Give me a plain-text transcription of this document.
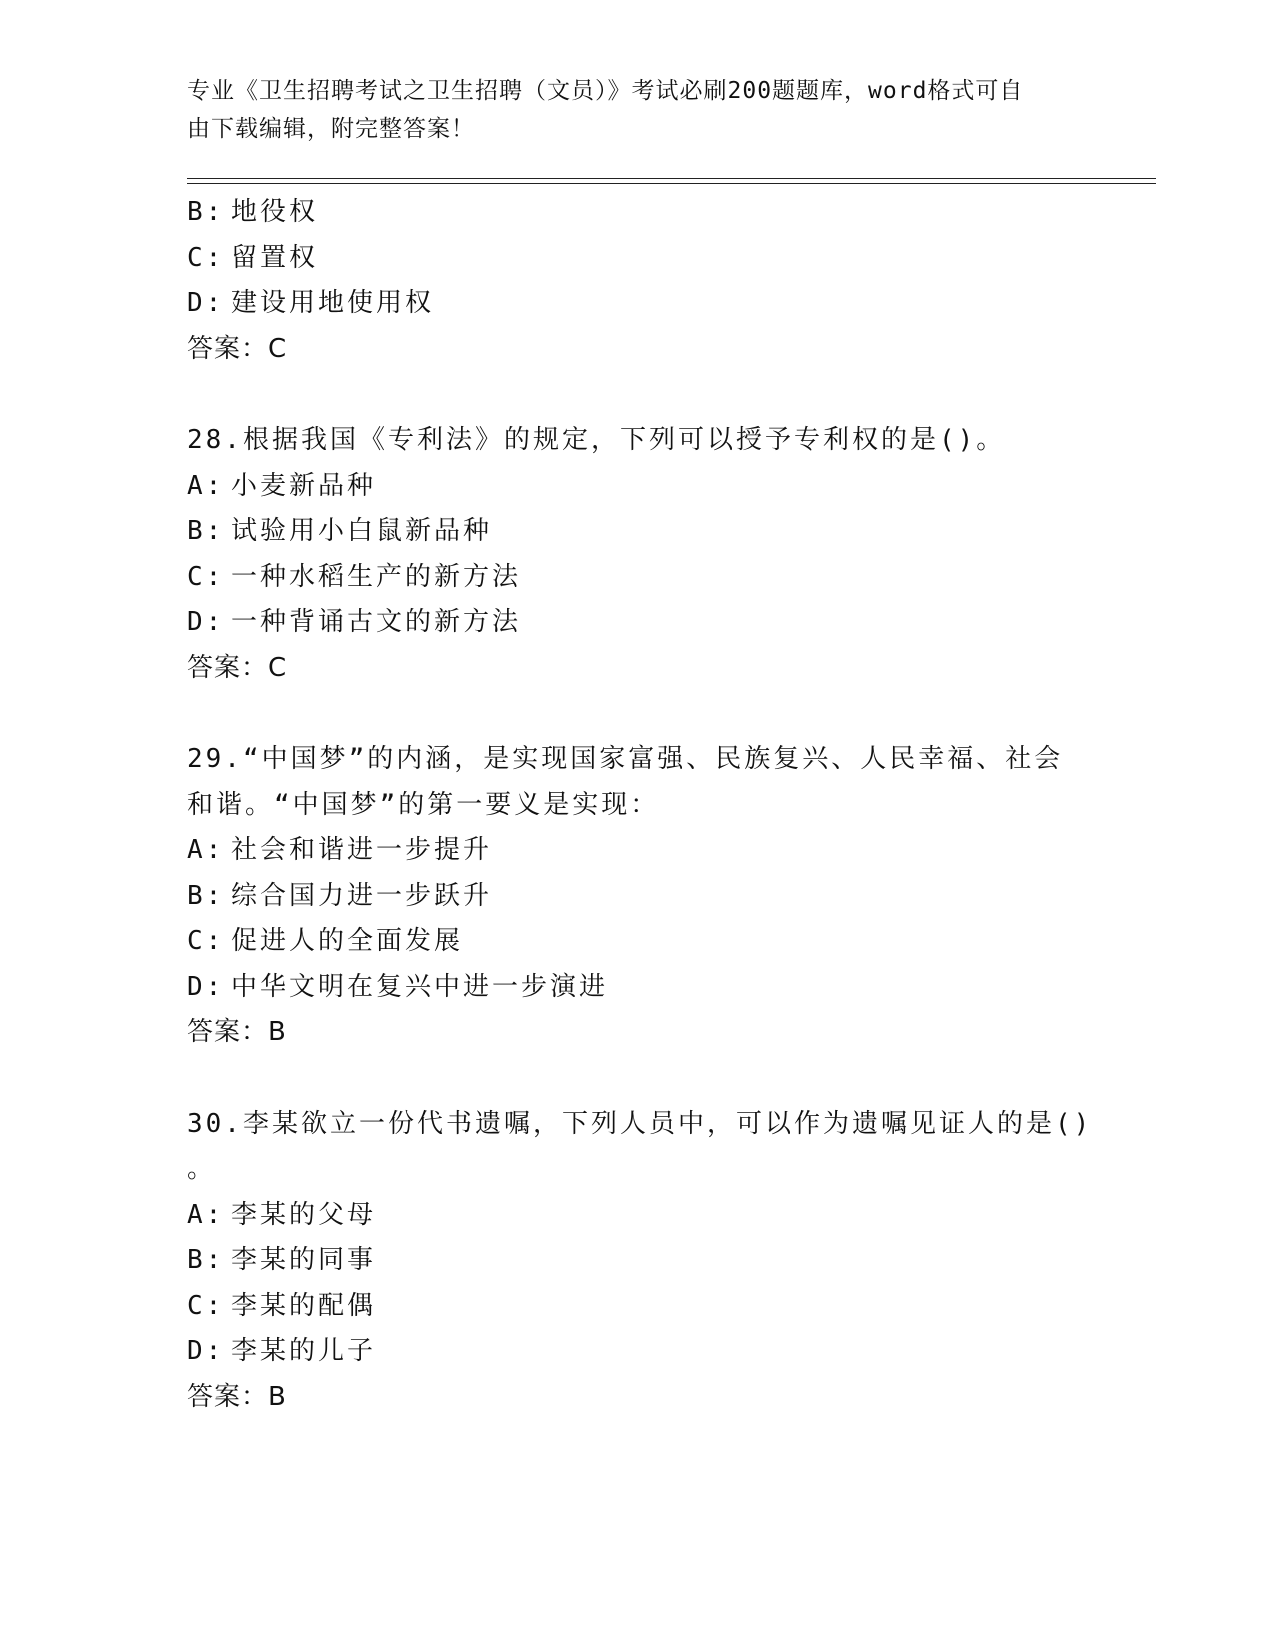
专业《卫生招聘考试之卫生招聘（文员）》考试必刷200题题库，word格式可自
由下载编辑，附完整答案！
B: 地役权
C: 留置权
D: 建设用地使用权
答案：C
28.根据我国《专利法》的规定，下列可以授予专利权的是()。
A: 小麦新品种
B: 试验用小白鼠新品种
C: 一种水稻生产的新方法
D: 一种背诵古文的新方法
答案：C
29.“中国梦”的内涵，是实现国家富强、民族复兴、人民幸福、社会
和谐。“中国梦”的第一要义是实现：
A: 社会和谐进一步提升
B: 综合国力进一步跃升
C: 促进人的全面发展
D: 中华文明在复兴中进一步演进
答案：B
30.李某欲立一份代书遗嘱，下列人员中，可以作为遗嘱见证人的是()
。
A: 李某的父母
B: 李某的同事
C: 李某的配偶
D: 李某的儿子
答案：B
